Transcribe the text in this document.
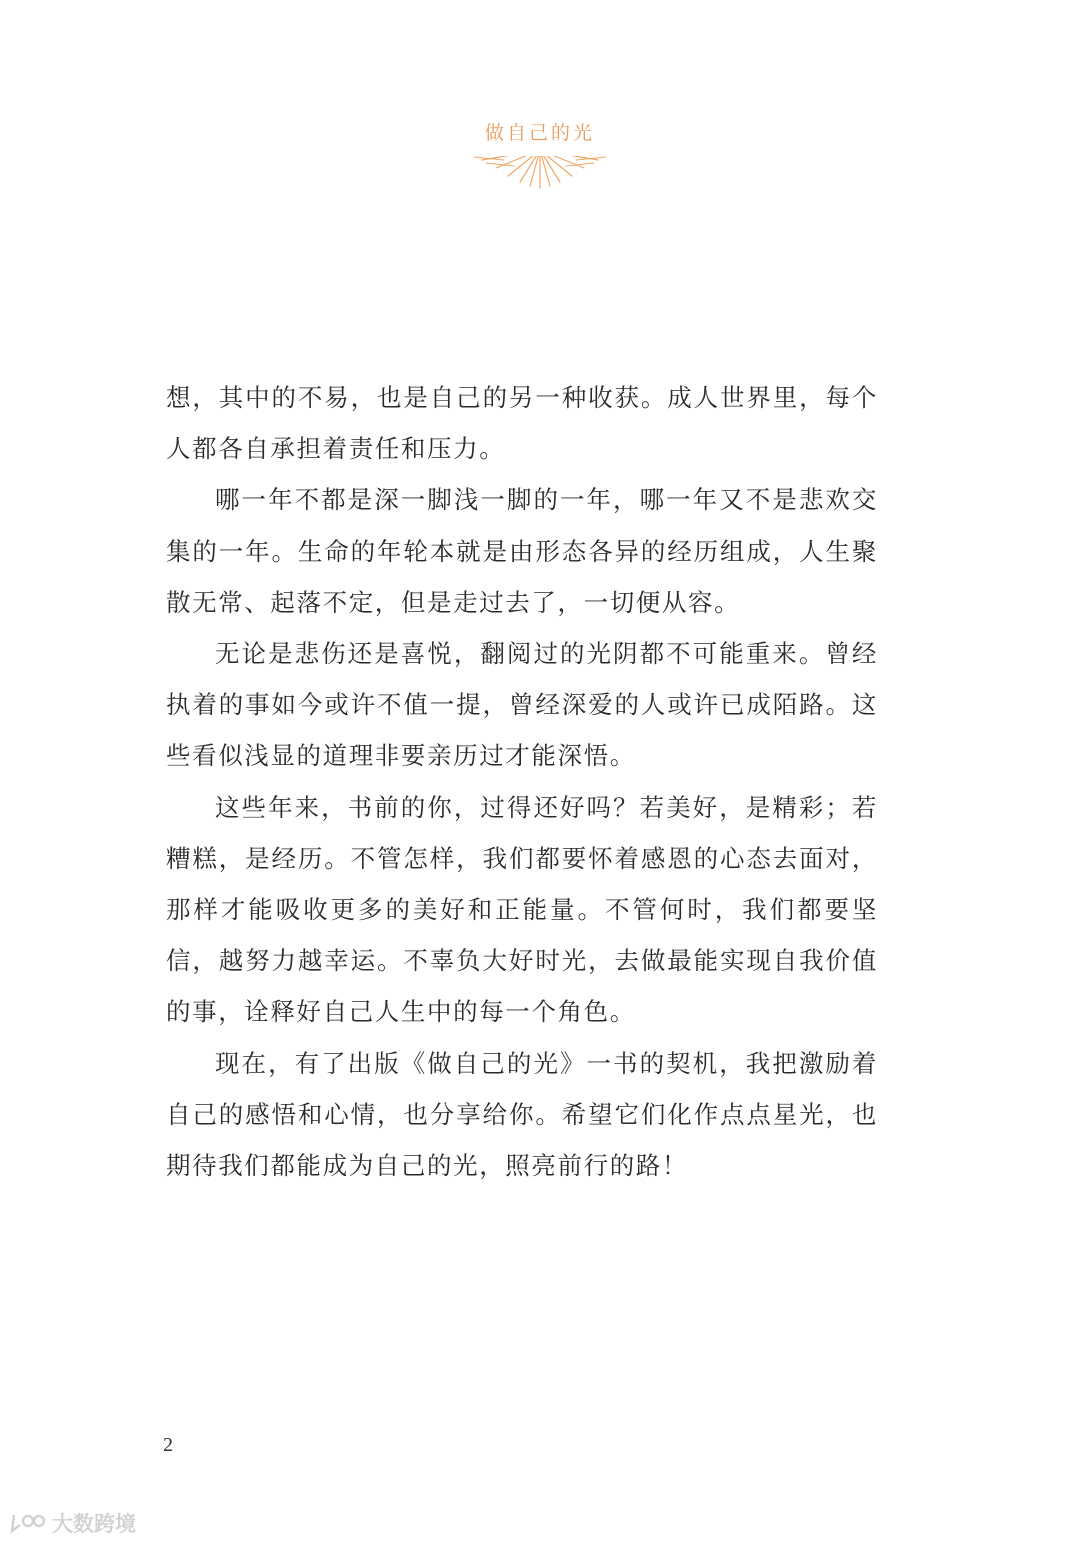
做自己的光

想，其中的不易，也是自己的另一种收获。成人世界里，每个人都各自承担着责任和压力。

哪一年不都是深一脚浅一脚的一年，哪一年又不是悲欢交集的一年。生命的年轮本就是由形态各异的经历组成，人生聚散无常、起落不定，但是走过去了，一切便从容。

无论是悲伤还是喜悦，翻阅过的光阴都不可能重来。曾经执着的事如今或许不值一提，曾经深爱的人或许已成陌路。这些看似浅显的道理非要亲历过才能深悟。

这些年来，书前的你，过得还好吗？若美好，是精彩；若糟糕，是经历。不管怎样，我们都要怀着感恩的心态去面对，那样才能吸收更多的美好和正能量。不管何时，我们都要坚信，越努力越幸运。不辜负大好时光，去做最能实现自我价值的事，诠释好自己人生中的每一个角色。

现在，有了出版《做自己的光》一书的契机，我把激励着自己的感悟和心情，也分享给你。希望它们化作点点星光，也期待我们都能成为自己的光，照亮前行的路！

2
大数跨境
